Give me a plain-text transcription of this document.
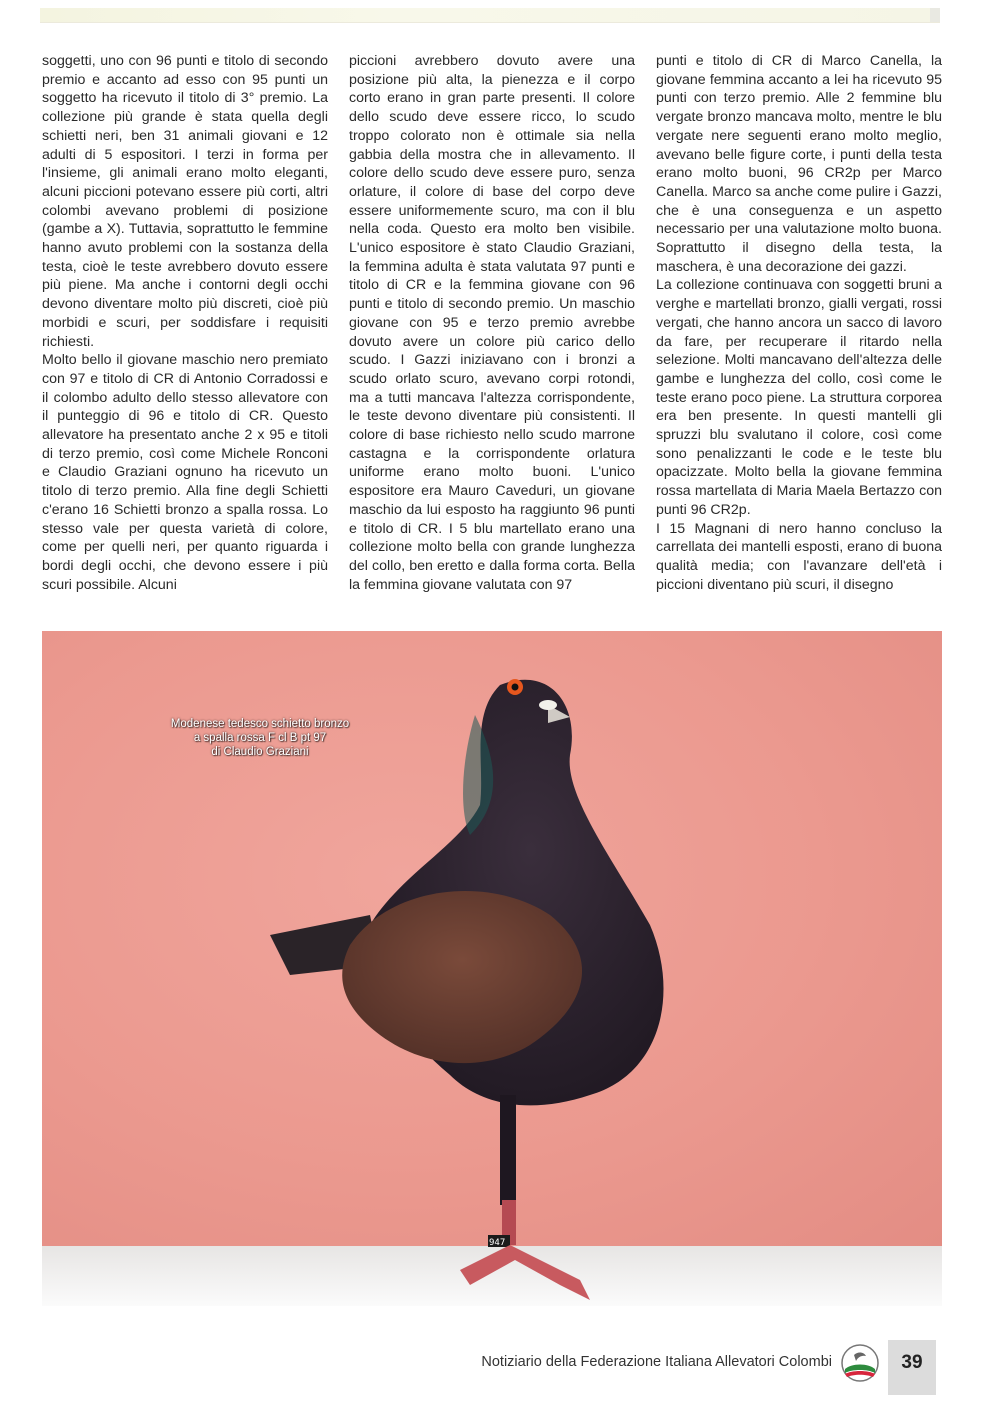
soggetti, uno con 96 punti e titolo di secondo premio e accanto ad esso con 95 punti un soggetto ha ricevuto il titolo di 3° premio. La collezione più grande è stata quella degli schietti neri, ben 31 animali giovani e 12 adulti di 5 espositori. I terzi in forma per l'insieme, gli animali erano molto eleganti, alcuni piccioni potevano essere più corti, altri colombi avevano problemi di posizione (gambe a X). Tuttavia, soprattutto le femmine hanno avuto problemi con la sostanza della testa, cioè le teste avrebbero dovuto essere più piene. Ma anche i contorni degli occhi devono diventare molto più discreti, cioè più morbidi e scuri, per soddisfare i requisiti richiesti.
Molto bello il giovane maschio nero premiato con 97 e titolo di CR di Antonio Corradossi e il colombo adulto dello stesso allevatore con il punteggio di 96 e titolo di CR. Questo allevatore ha presentato anche 2 x 95 e titoli di terzo premio, così come Michele Ronconi e Claudio Graziani ognuno ha ricevuto un titolo di terzo premio. Alla fine degli Schietti c'erano 16 Schietti bronzo a spalla rossa. Lo stesso vale per questa varietà di colore, come per quelli neri, per quanto riguarda i bordi degli occhi, che devono essere i più scuri possibile. Alcuni

piccioni avrebbero dovuto avere una posizione più alta, la pienezza e il corpo corto erano in gran parte presenti. Il colore dello scudo deve essere ricco, lo scudo troppo colorato non è ottimale sia nella gabbia della mostra che in allevamento. Il colore dello scudo deve essere puro, senza orlature, il colore di base del corpo deve essere uniformemente scuro, ma con il blu nella coda. Questo era molto ben visibile. L'unico espositore è stato Claudio Graziani, la femmina adulta è stata valutata 97 punti e titolo di CR e la femmina giovane con 96 punti e titolo di secondo premio. Un maschio giovane con 95 e terzo premio avrebbe dovuto avere un colore più carico dello scudo. I Gazzi iniziavano con i bronzi a scudo orlato scuro, avevano corpi rotondi, ma a tutti mancava l'altezza corrispondente, le teste devono diventare più consistenti. Il colore di base richiesto nello scudo marrone castagna e la corrispondente orlatura uniforme erano molto buoni. L'unico espositore era Mauro Caveduri, un giovane maschio da lui esposto ha raggiunto 96 punti e titolo di CR. I 5 blu martellato erano una collezione molto bella con grande lunghezza del collo, ben eretto e dalla forma corta. Bella la femmina giovane valutata con 97

punti e titolo di CR di Marco Canella, la giovane femmina accanto a lei ha ricevuto 95 punti con terzo premio. Alle 2 femmine blu vergate bronzo mancava molto, mentre le blu vergate nere seguenti erano molto meglio, avevano belle figure corte, i punti della testa erano molto buoni, 96 CR2p per Marco Canella. Marco sa anche come pulire i Gazzi, che è una conseguenza e un aspetto necessario per una valutazione molto buona. Soprattutto il disegno della testa, la maschera, è una decorazione dei gazzi.
La collezione continuava con soggetti bruni a verghe e martellati bronzo, gialli vergati, rossi vergati, che hanno ancora un sacco di lavoro da fare, per recuperare il ritardo nella selezione. Molti mancavano dell'altezza delle gambe e lunghezza del collo, così come le teste erano poco piene. La struttura corporea era ben presente. In questi mantelli gli spruzzi blu svalutano il colore, così come sono penalizzanti le code e le teste blu opacizzate. Molto bella la giovane femmina rossa martellata di Maria Maela Bertazzo con punti 96 CR2p.
I 15 Magnani di nero hanno concluso la carrellata dei mantelli esposti, erano di buona qualità media; con l'avanzare dell'età i piccioni diventano più scuri, il disegno

947
Modenese tedesco schietto bronzo
a spalla rossa F cl B pt 97
di Claudio Graziani
Notiziario della Federazione Italiana Allevatori Colombi	39
